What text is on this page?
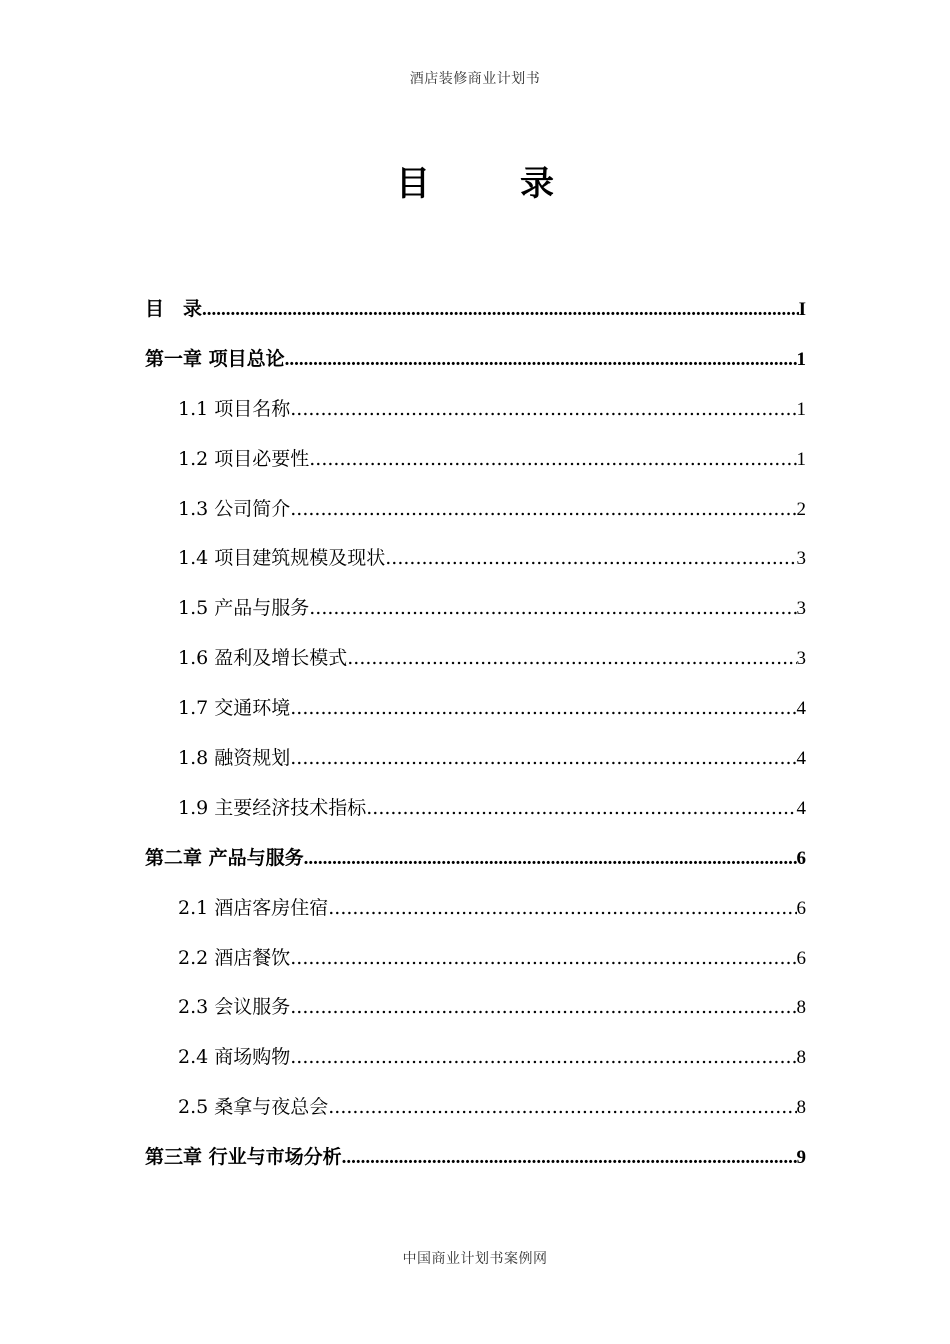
酒店装修商业计划书
目　录
目　录 .....	I
第一章 项目总论 .....	1
1.1 项目名称 .....	1
1.2 项目必要性 .....	1
1.3 公司简介 .....	2
1.4 项目建筑规模及现状 .....	3
1.5 产品与服务 .....	3
1.6 盈利及增长模式 .....	3
1.7 交通环境 .....	4
1.8 融资规划 .....	4
1.9 主要经济技术指标 .....	4
第二章 产品与服务 .....	6
2.1 酒店客房住宿 .....	6
2.2 酒店餐饮 .....	6
2.3 会议服务 .....	8
2.4 商场购物 .....	8
2.5 桑拿与夜总会 .....	8
第三章 行业与市场分析 .....	9
中国商业计划书案例网
